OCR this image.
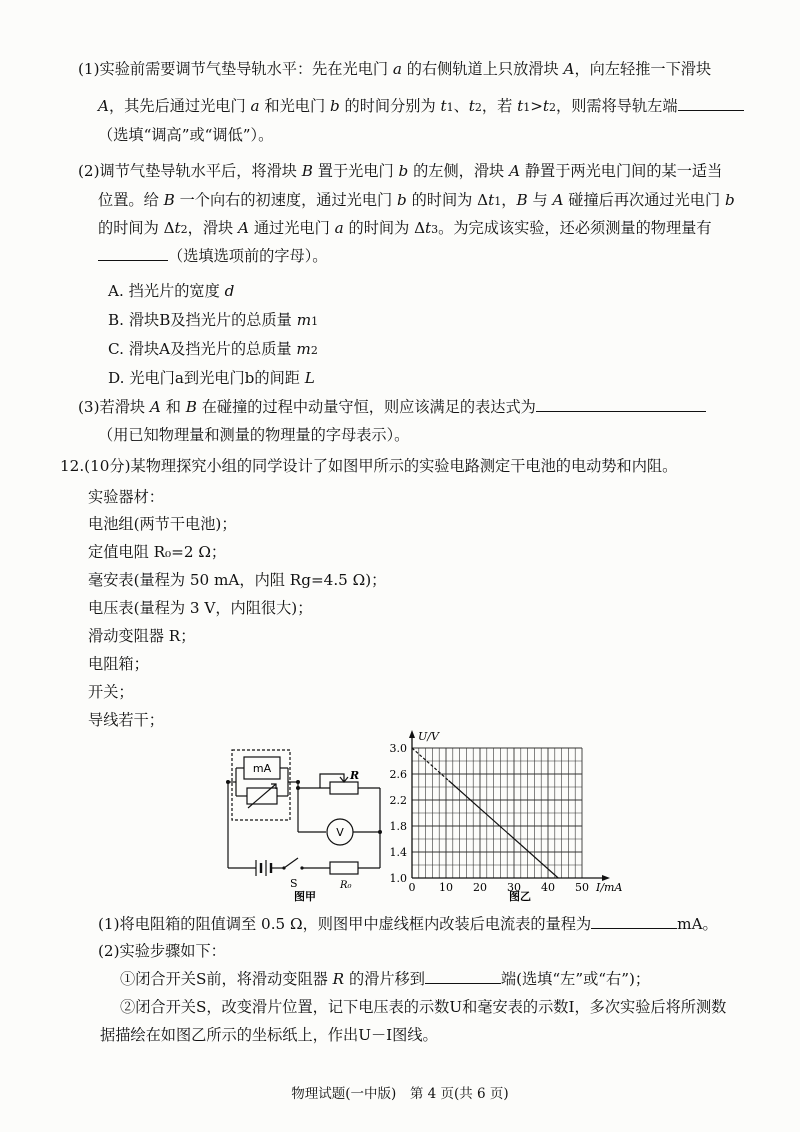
(1)实验前需要调节气垫导轨水平：先在光电门 a 的右侧轨道上只放滑块 A，向左轻推一下滑块
A，其先后通过光电门 a 和光电门 b 的时间分别为 t1、t2，若 t1>t2，则需将导轨左端
（选填“调高”或“调低”）。
(2)调节气垫导轨水平后，将滑块 B 置于光电门 b 的左侧，滑块 A 静置于两光电门间的某一适当
位置。给 B 一个向右的初速度，通过光电门 b 的时间为 Δt1，B 与 A 碰撞后再次通过光电门 b
的时间为 Δt2，滑块 A 通过光电门 a 的时间为 Δt3。为完成该实验，还必须测量的物理量有
（选填选项前的字母）。
A. 挡光片的宽度 d
B. 滑块B及挡光片的总质量 m1
C. 滑块A及挡光片的总质量 m2
D. 光电门a到光电门b的间距 L
(3)若滑块 A 和 B 在碰撞的过程中动量守恒，则应该满足的表达式为
（用已知物理量和测量的物理量的字母表示）。
12.(10分)某物理探究小组的同学设计了如图甲所示的实验电路测定干电池的电动势和内阻。
实验器材：
电池组(两节干电池)；
定值电阻 R₀=2 Ω；
毫安表(量程为 50 mA，内阻 Rg=4.5 Ω)；
电压表(量程为 3 V，内阻很大)；
滑动变阻器 R；
电阻箱；
开关；
导线若干；
mA
V
R
S	R₀
图甲
0 10 20 30 40 50
1.0
1.4
1.8
2.2
2.6
3.0
U/V
I/mA
图乙
(1)将电阻箱的阻值调至 0.5 Ω，则图甲中虚线框内改装后电流表的量程为	mA。
(2)实验步骤如下：
①闭合开关S前，将滑动变阻器 R 的滑片移到	端(选填“左”或“右”)；
②闭合开关S，改变滑片位置，记下电压表的示数U和毫安表的示数I，多次实验后将所测数
据描绘在如图乙所示的坐标纸上，作出U－I图线。
物理试题(一中版)　第 4 页(共 6 页)
